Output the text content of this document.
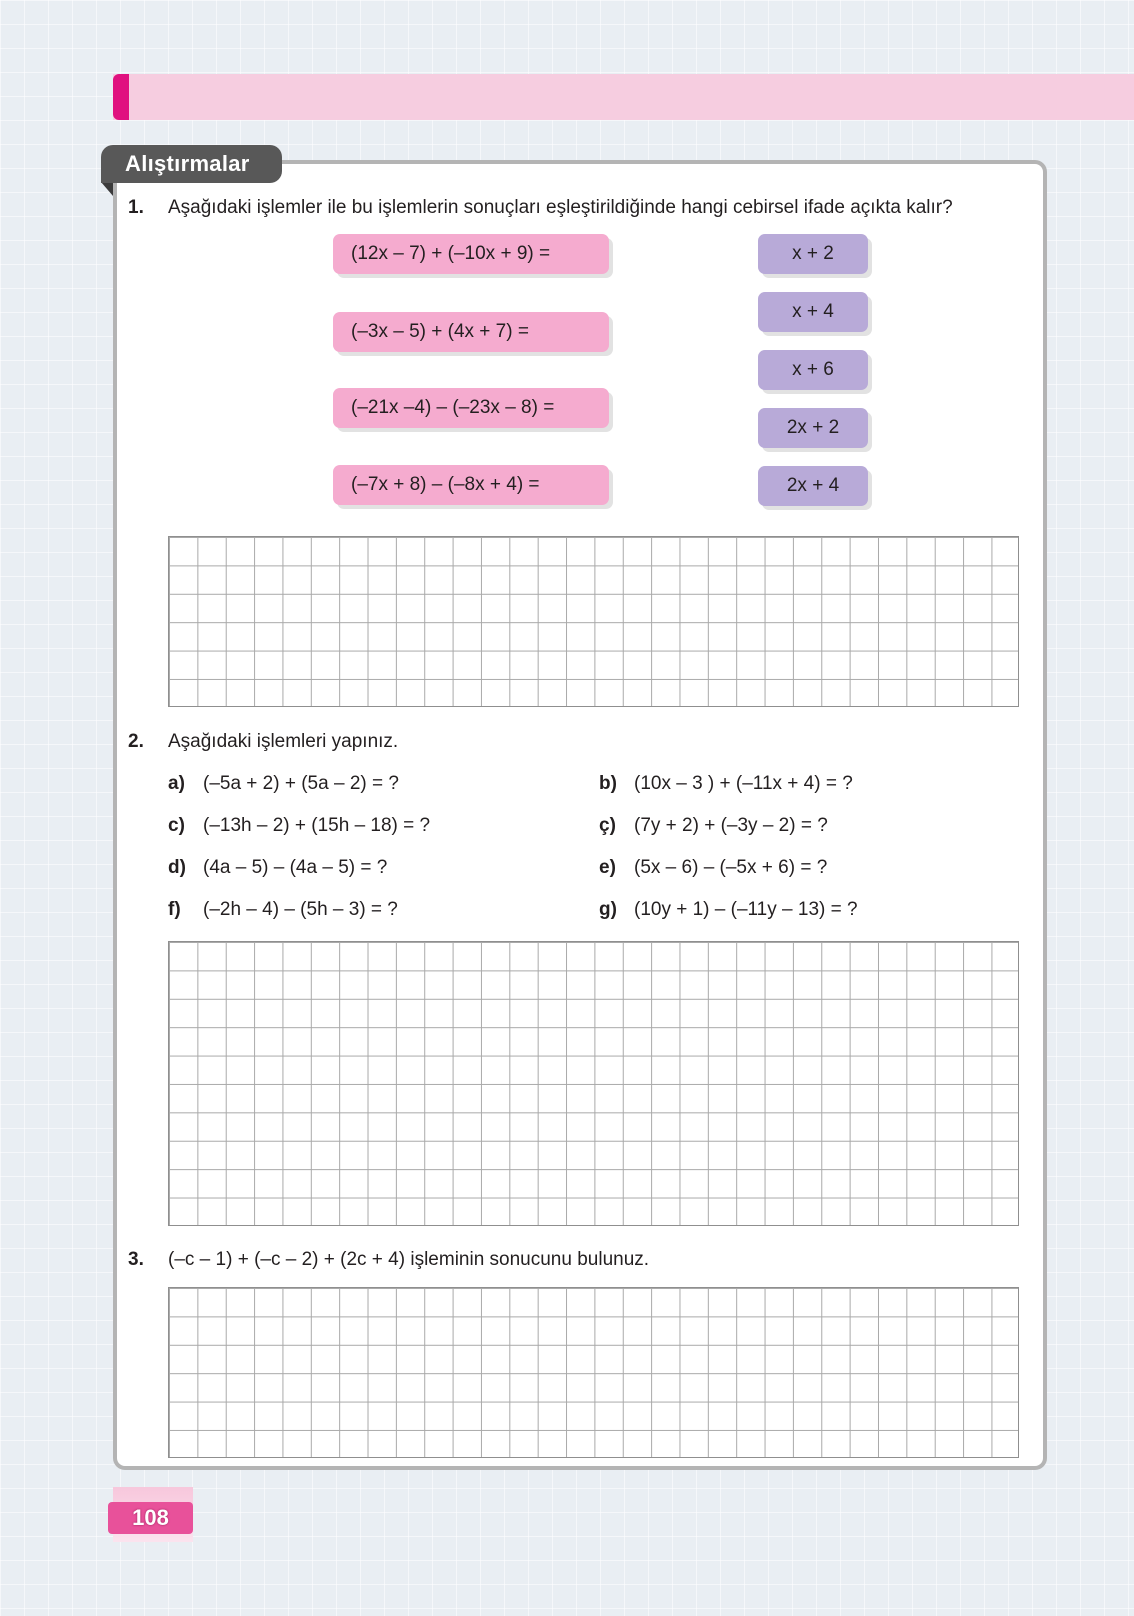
Alıştırmalar
1. Aşağıdaki işlemler ile bu işlemlerin sonuçları eşleştirildiğinde hangi cebirsel ifade açıkta kalır?
(12x – 7) + (–10x + 9) =
(–3x – 5) + (4x + 7) =
(–21x –4) – (–23x – 8) =
(–7x + 8) – (–8x + 4) =
x + 2
x + 4
x + 6
2x + 2
2x + 4
2. Aşağıdaki işlemleri yapınız.
a) (–5a + 2) + (5a – 2) = ?	b) (10x – 3 ) + (–11x + 4) = ?
c) (–13h – 2) + (15h – 18) = ?	ç) (7y + 2) + (–3y – 2) = ?
d) (4a – 5) – (4a – 5) = ?	e) (5x – 6) – (–5x + 6) = ?
f) (–2h – 4) – (5h – 3) = ?	g) (10y + 1) – (–11y – 13) = ?
3. (–c – 1) + (–c – 2) + (2c + 4) işleminin sonucunu bulunuz.
108
